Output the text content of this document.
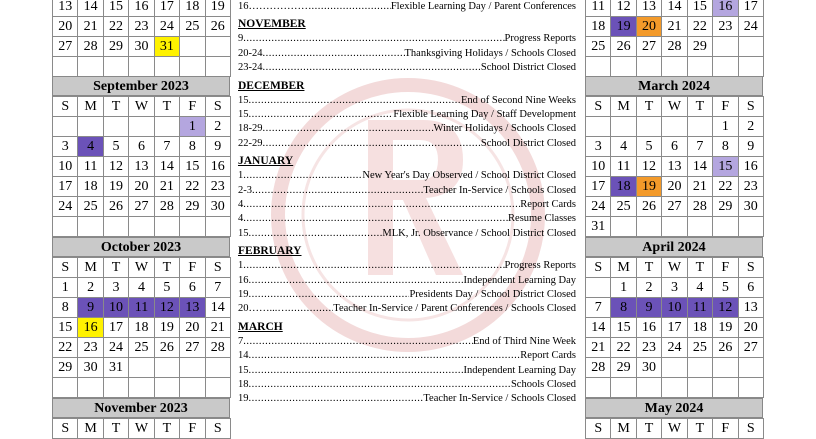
13	14	15	16	17	18	19
20	21	22	23	24	25	26
27	28	29	30	31		

September 2023
S	M	T	W	T	F	S
					1	2
3	4	5	6	7	8	9
10	11	12	13	14	15	16
17	18	19	20	21	22	23
24	25	26	27	28	29	30

October 2023
S	M	T	W	T	F	S
1	2	3	4	5	6	7
8	9	10	11	12	13	14
15	16	17	18	19	20	21
22	23	24	25	26	27	28
29	30	31				

November 2023
S	M	T	W	T	F	S
11	12	13	14	15	16	17
18	19	20	21	22	23	24
25	26	27	28	29		

March 2024
S	M	T	W	T	F	S
					1	2
3	4	5	6	7	8	9
10	11	12	13	14	15	16
17	18	19	20	21	22	23
24	25	26	27	28	29	30
31						
April 2024
S	M	T	W	T	F	S
	1	2	3	4	5	6
7	8	9	10	11	12	13
14	15	16	17	18	19	20
21	22	23	24	25	26	27
28	29	30				

May 2024
S	M	T	W	T	F	S
16……………… .....	Flexible Learning Day / Parent Conferences
NOVEMBER
9 .....	Progress Reports
20-24 .....	Thanksgiving Holidays / Schools Closed
23-24 .....	School District Closed
DECEMBER
15 .....	End of Second Nine Weeks
15 .....	Flexible Learning Day / Staff Development
18-29 .....	Winter Holidays / Schools Closed
22-29 .....	School District Closed
JANUARY
1 .....	New Year's Day Observed / School District Closed
2-3 .....	Teacher In-Service / Schools Closed
4 .....	Report Cards
4 .....	Resume Classes
15 .....	MLK, Jr. Observance / School District Closed
FEBRUARY
1 .....	Progress Reports
16 .....	Independent Learning Day
19 .....	Presidents Day / School District Closed
20……...… .....	Teacher In-Service / Parent Conferences / Schools Closed
MARCH
7 .....	End of Third Nine Week
14 .....	Report Cards
15 .....	Independent Learning Day
18 .....	Schools Closed
19 .....	Teacher In-Service / Schools Closed
